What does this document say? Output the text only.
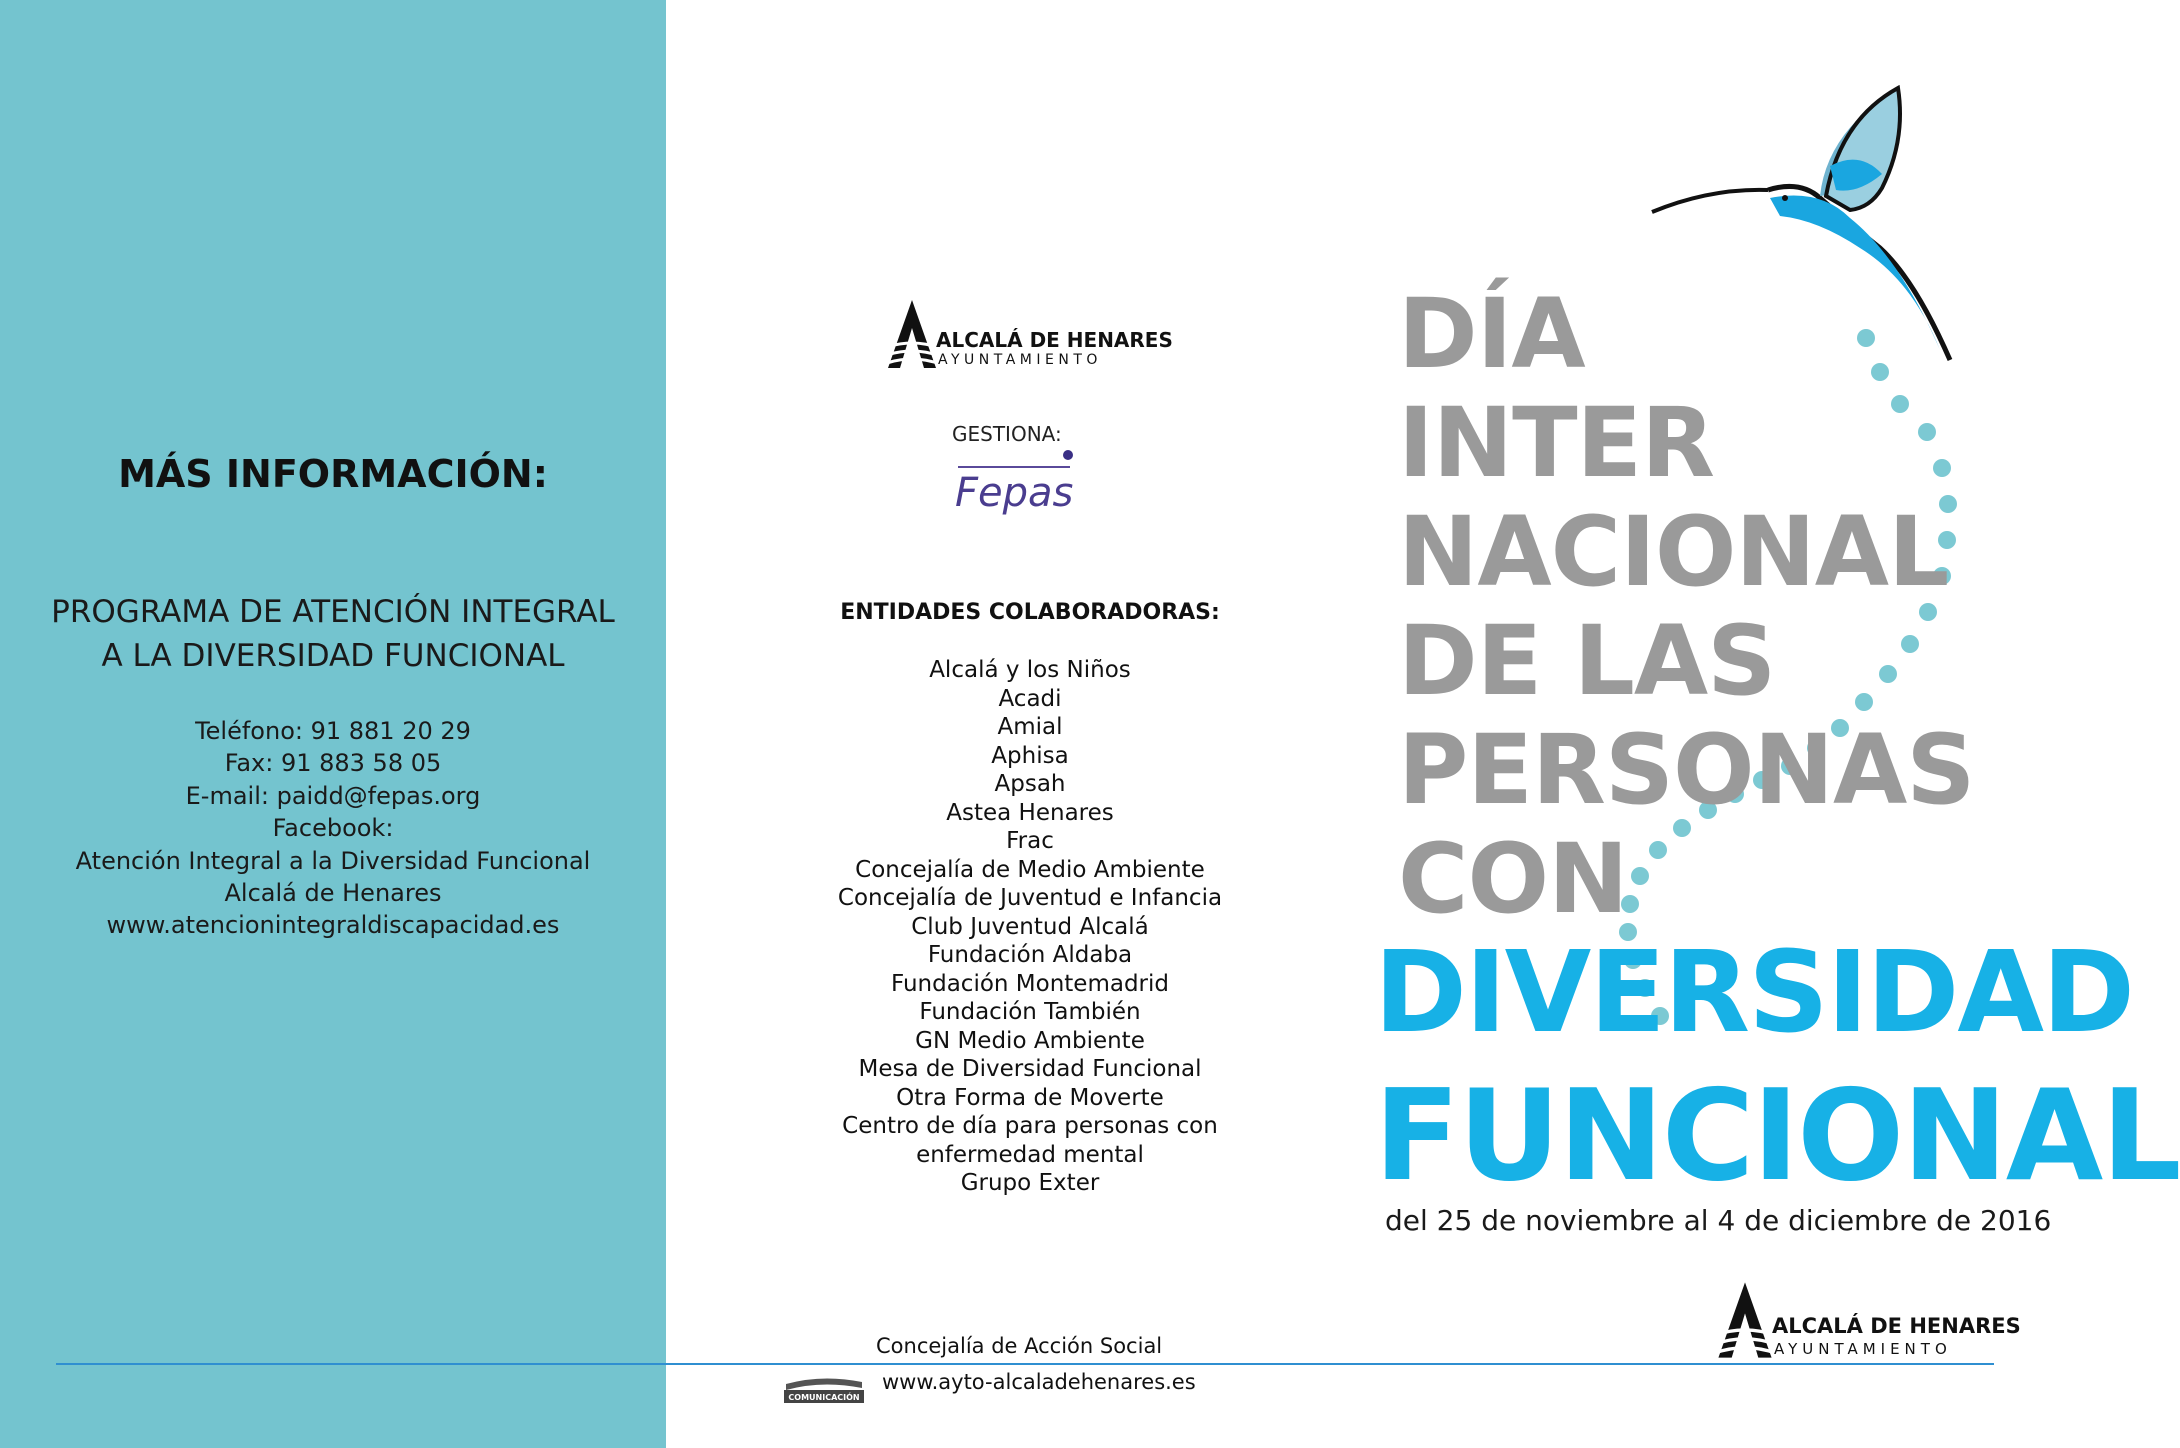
MÁS INFORMACIÓN:
PROGRAMA DE ATENCIÓN INTEGRAL
A LA DIVERSIDAD FUNCIONAL
Teléfono: 91 881 20 29
Fax: 91 883 58 05
E-mail: paidd@fepas.org
Facebook:
Atención Integral a la Diversidad Funcional
Alcalá de Henares
www.atencionintegraldiscapacidad.es
ALCALÁ DE HENARES
AYUNTAMIENTO
GESTIONA:
Fepas
ENTIDADES COLABORADORAS:
Alcalá y los Niños
Acadi
Amial
Aphisa
Apsah
Astea Henares
Frac
Concejalía de Medio Ambiente
Concejalía de Juventud e Infancia
Club Juventud Alcalá
Fundación Aldaba
Fundación Montemadrid
Fundación También
GN Medio Ambiente
Mesa de Diversidad Funcional
Otra Forma de Moverte
Centro de día para personas con
enfermedad mental
Grupo Exter
Concejalía de Acción Social
COMUNICACIÓN
www.ayto-alcaladehenares.es
DÍA
INTER
NACIONAL
DE LAS
PERSONAS
CON
DIVERSIDAD
FUNCIONAL
del 25 de noviembre al 4 de diciembre de 2016
ALCALÁ DE HENARES
AYUNTAMIENTO
